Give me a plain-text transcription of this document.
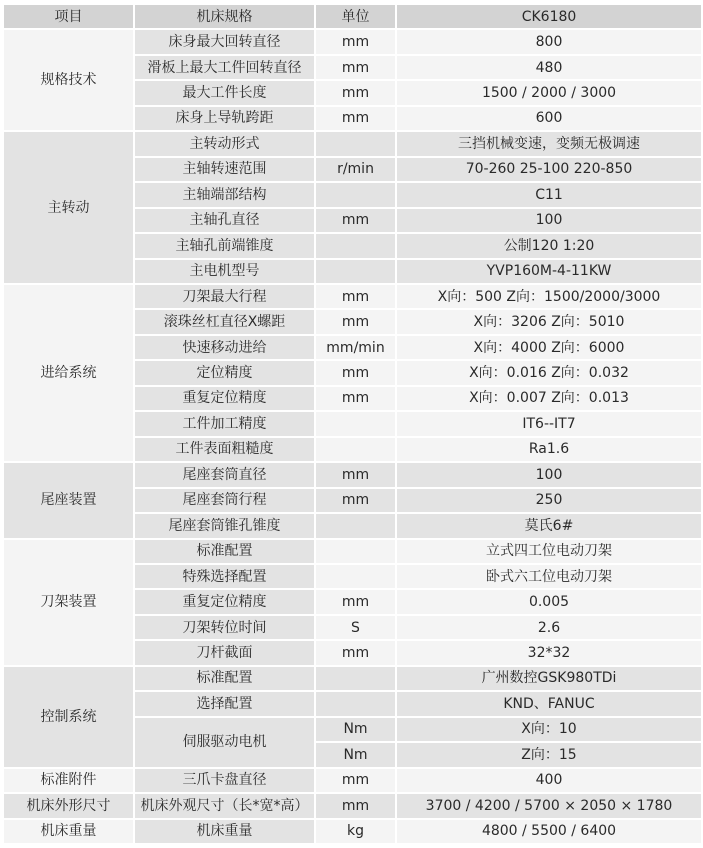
项目	机床规格	单位	CK6180
规格技术	床身最大回转直径	mm	800
	滑板上最大工件回转直径	mm	480
	最大工件长度	mm	1500 / 2000 / 3000
	床身上导轨跨距	mm	600
主转动	主转动形式		三挡机械变速，变频无极调速
	主轴转速范围	r/min	70-260 25-100 220-850
	主轴端部结构		C11
	主轴孔直径	mm	100
	主轴孔前端锥度		公制120 1:20
	主电机型号		YVP160M-4-11KW
进给系统	刀架最大行程	mm	X向：500 Z向：1500/2000/3000
	滚珠丝杠直径X螺距	mm	X向：3206 Z向：5010
	快速移动进给	mm/min	X向：4000 Z向：6000
	定位精度	mm	X向：0.016 Z向：0.032
	重复定位精度	mm	X向：0.007 Z向：0.013
	工件加工精度		IT6--IT7
	工件表面粗糙度		Ra1.6
尾座装置	尾座套筒直径	mm	100
	尾座套筒行程	mm	250
	尾座套筒锥孔锥度		莫氏6#
刀架装置	标准配置		立式四工位电动刀架
	特殊选择配置		卧式六工位电动刀架
	重复定位精度	mm	0.005
	刀架转位时间	S	2.6
	刀杆截面	mm	32*32
控制系统	标准配置		广州数控GSK980TDi
	选择配置		KND、FANUC
	伺服驱动电机	Nm	X向：10
		Nm	Z向：15
标准附件	三爪卡盘直径	mm	400
机床外形尺寸	机床外观尺寸（长*宽*高）	mm	3700 / 4200 / 5700 × 2050 × 1780
机床重量	机床重量	kg	4800 / 5500 / 6400
